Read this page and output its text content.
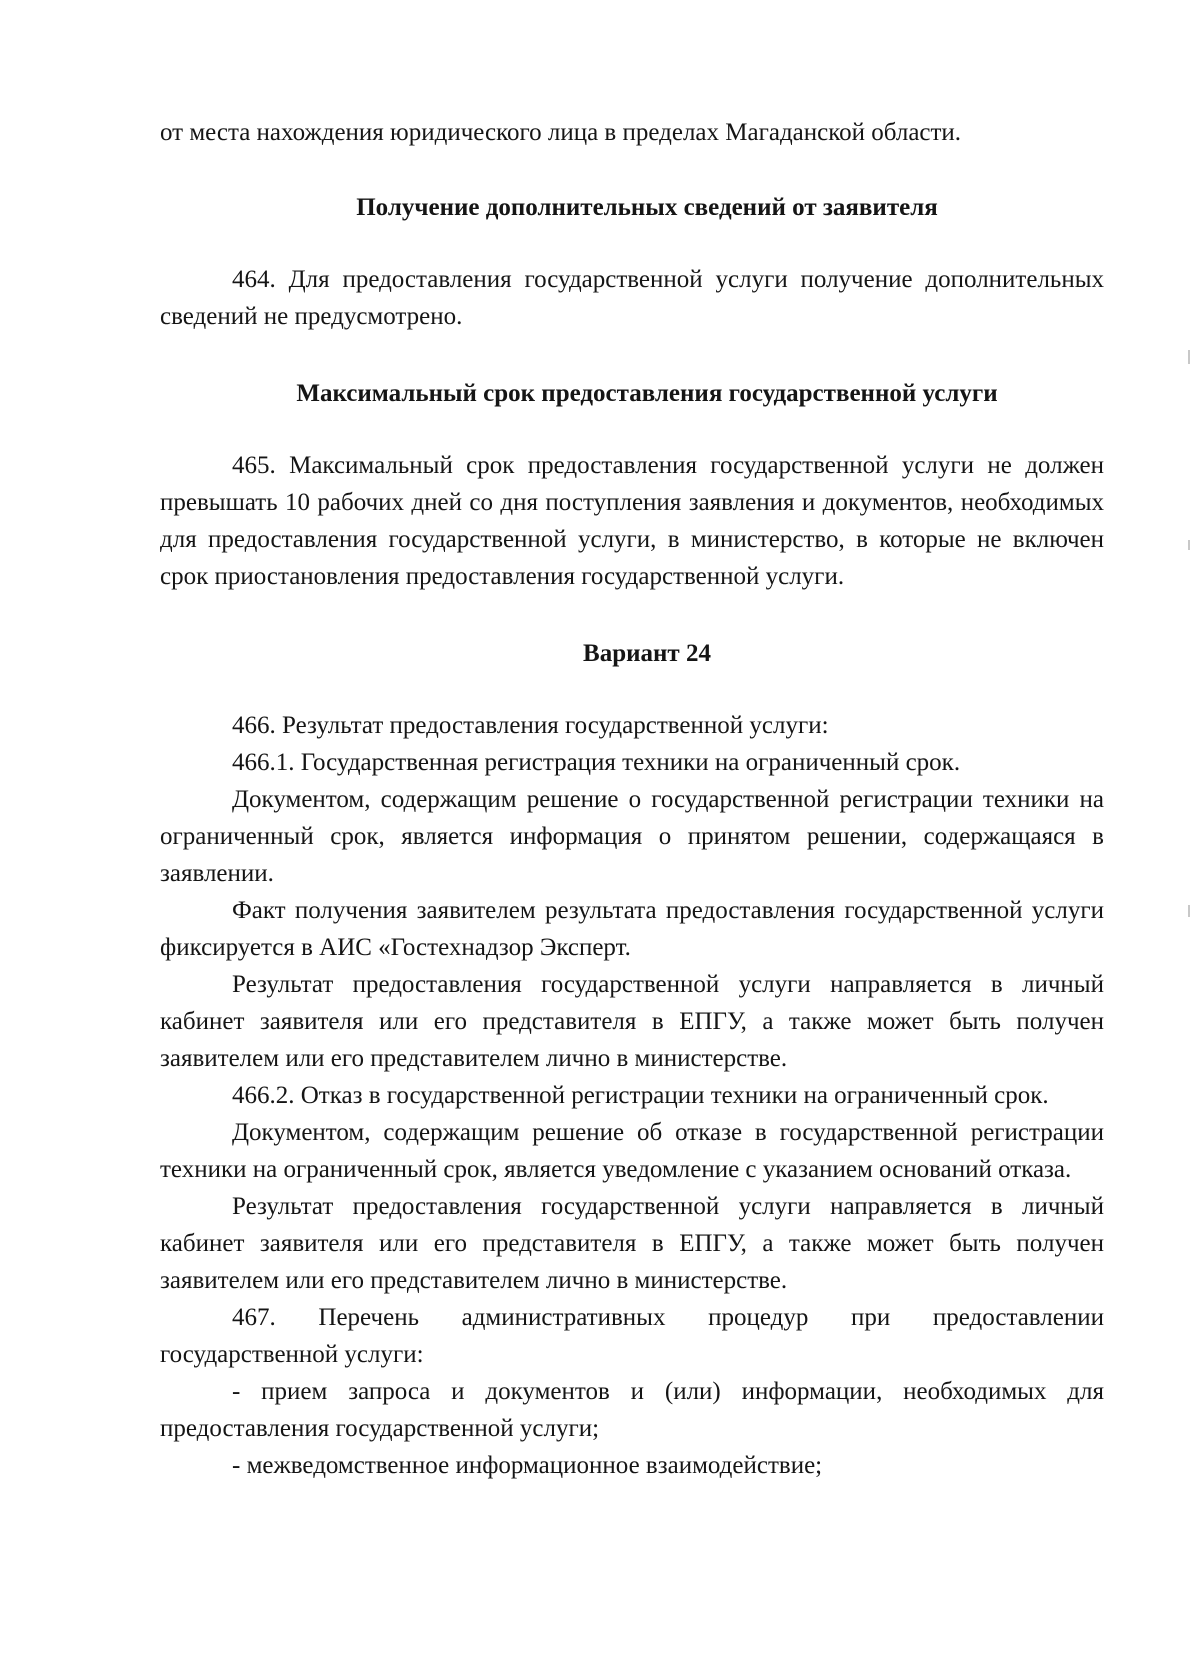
от места нахождения юридического лица в пределах Магаданской области.

Получение дополнительных сведений от заявителя

464. Для предоставления государственной услуги получение дополнительных сведений не предусмотрено.

Максимальный срок предоставления государственной услуги

465. Максимальный срок предоставления государственной услуги не должен превышать 10 рабочих дней со дня поступления заявления и документов, необходимых для предоставления государственной услуги, в министерство, в которые не включен срок приостановления предоставления государственной услуги.

Вариант 24

466. Результат предоставления государственной услуги:

466.1. Государственная регистрация техники на ограниченный срок.

Документом, содержащим решение о государственной регистрации техники на ограниченный срок, является информация о принятом решении, содержащаяся в заявлении.

Факт получения заявителем результата предоставления государственной услуги фиксируется в АИС «Гостехнадзор Эксперт.

Результат предоставления государственной услуги направляется в личный кабинет заявителя или его представителя в ЕПГУ, а также может быть получен заявителем или его представителем лично в министерстве.

466.2. Отказ в государственной регистрации техники на ограниченный срок.

Документом, содержащим решение об отказе в государственной регистрации техники на ограниченный срок, является уведомление с указанием оснований отказа.

Результат предоставления государственной услуги направляется в личный кабинет заявителя или его представителя в ЕПГУ, а также может быть получен заявителем или его представителем лично в министерстве.

467. Перечень административных процедур при предоставлении государственной услуги:

- прием запроса и документов и (или) информации, необходимых для предоставления государственной услуги;

- межведомственное информационное взаимодействие;
